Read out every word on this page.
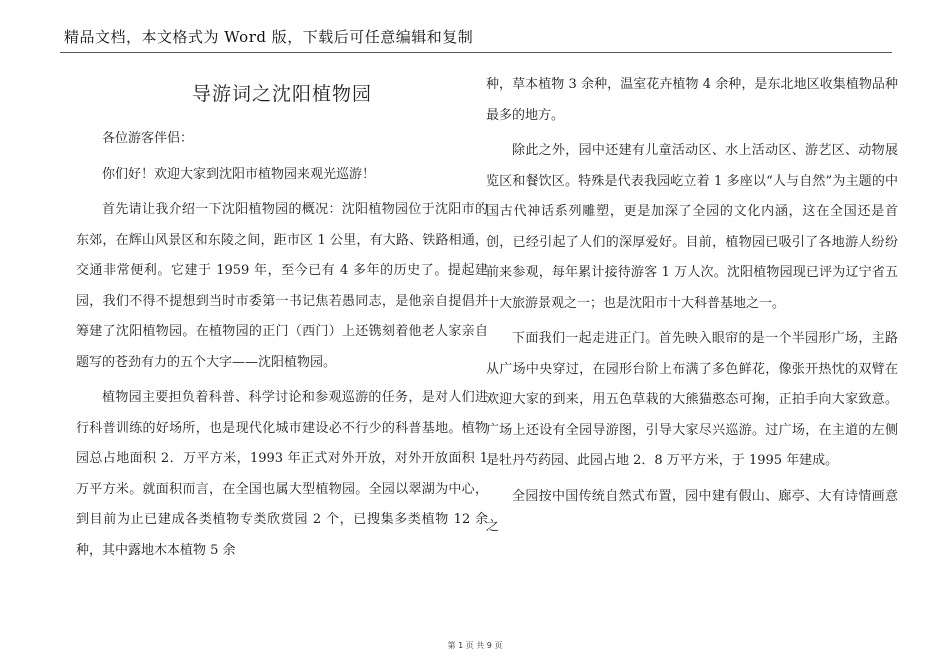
精品文档，本文格式为 Word 版，下载后可任意编辑和复制
导游词之沈阳植物园

各位游客伴侣：

你们好！欢迎大家到沈阳市植物园来观光巡游！

首先请让我介绍一下沈阳植物园的概况：沈阳植物园位于沈阳市的东郊，在辉山风景区和东陵之间，距市区 1 公里，有大路、铁路相通，交通非常便利。它建于 1959 年，至今已有 4 多年的历史了。提起建园，我们不得不提想到当时市委第一书记焦若愚同志，是他亲自提倡并筹建了沈阳植物园。在植物园的正门（西门）上还镌刻着他老人家亲自题写的苍劲有力的五个大字——沈阳植物园。

植物园主要担负着科普、科学讨论和参观巡游的任务，是对人们进行科普训练的好场所，也是现代化城市建设必不行少的科普基地。植物园总占地面积 2．万平方米，1993 年正式对外开放，对外开放面积 1 万平方米。就面积而言，在全国也属大型植物园。全园以翠湖为中心，到目前为止已建成各类植物专类欣赏园 2 个，已搜集多类植物 12 余种，其中露地木本植物 5 余

种，草本植物 3 余种，温室花卉植物 4 余种，是东北地区收集植物品种最多的地方。

除此之外，园中还建有儿童活动区、水上活动区、游艺区、动物展览区和餐饮区。特殊是代表我园屹立着 1 多座以“人与自然”为主题的中国古代神话系列雕塑，更是加深了全园的文化内涵，这在全国还是首创，已经引起了人们的深厚爱好。目前，植物园已吸引了各地游人纷纷前来参观，每年累计接待游客 1 万人次。沈阳植物园现已评为辽宁省五十大旅游景观之一；也是沈阳市十大科普基地之一。

下面我们一起走进正门。首先映入眼帘的是一个半园形广场，主路从广场中央穿过，在园形台阶上布满了多色鲜花，像张开热忱的双臂在欢迎大家的到来，用五色草栽的大熊猫憨态可掬，正拍手向大家致意。广场上还设有全园导游图，引导大家尽兴巡游。过广场，在主道的左侧是牡丹芍药园、此园占地 2．8 万平方米，于 1995 年建成。

全园按中国传统自然式布置，园中建有假山、廊亭、大有诗情画意之

第 1 页 共 9 页
